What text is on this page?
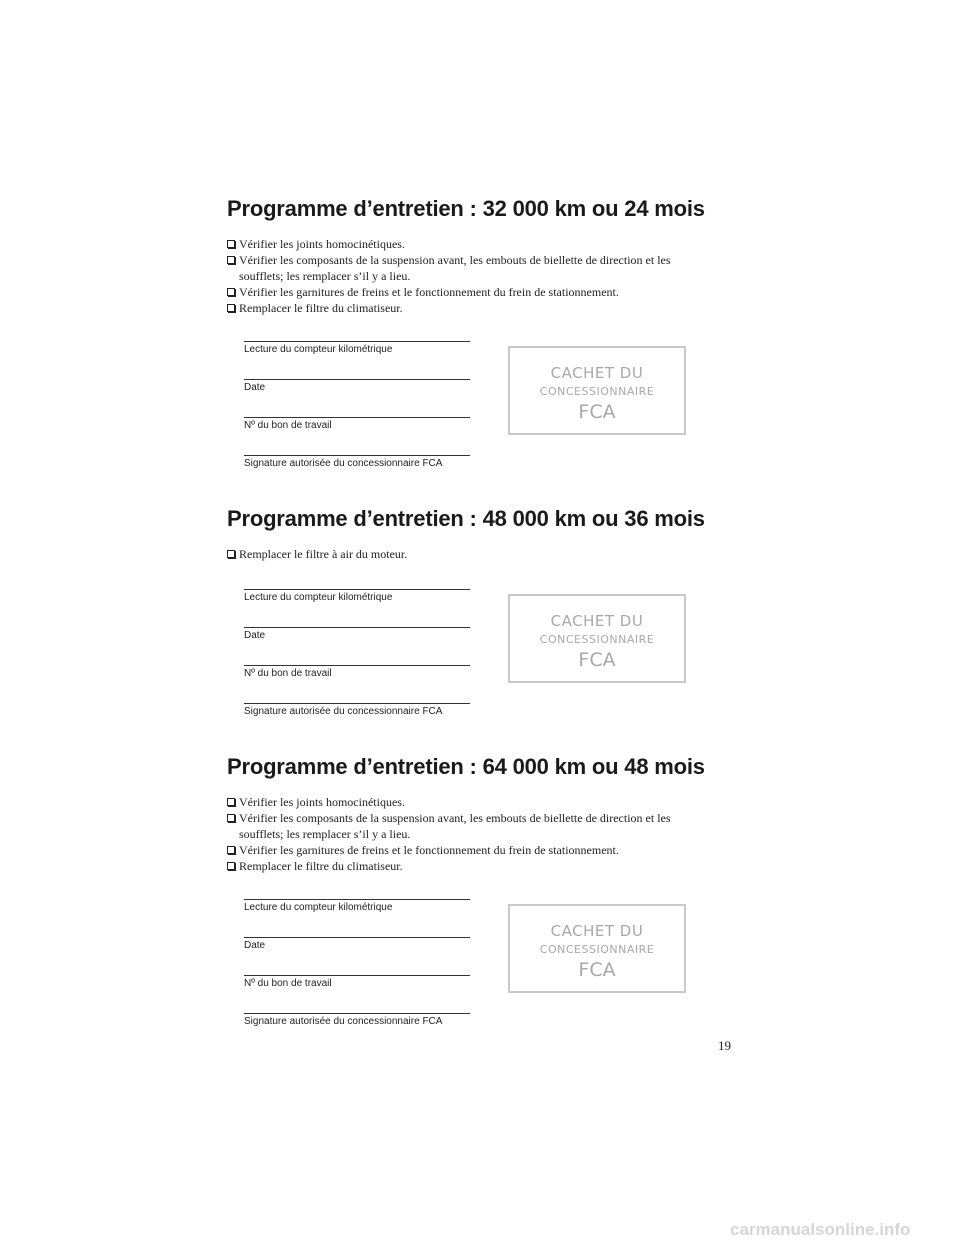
Programme d’entretien : 32 000 km ou 24 mois
Vérifier les joints homocinétiques.
Vérifier les composants de la suspension avant, les embouts de biellette de direction et les soufflets; les remplacer s’il y a lieu.
Vérifier les garnitures de freins et le fonctionnement du frein de stationnement.
Remplacer le filtre du climatiseur.
Lecture du compteur kilométrique
Date
Nº du bon de travail
Signature autorisée du concessionnaire FCA
CACHET DU
CONCESSIONNAIRE
FCA
Programme d’entretien : 48 000 km ou 36 mois
Remplacer le filtre à air du moteur.
Lecture du compteur kilométrique
Date
Nº du bon de travail
Signature autorisée du concessionnaire FCA
CACHET DU
CONCESSIONNAIRE
FCA
Programme d’entretien : 64 000 km ou 48 mois
Vérifier les joints homocinétiques.
Vérifier les composants de la suspension avant, les embouts de biellette de direction et les soufflets; les remplacer s’il y a lieu.
Vérifier les garnitures de freins et le fonctionnement du frein de stationnement.
Remplacer le filtre du climatiseur.
Lecture du compteur kilométrique
Date
Nº du bon de travail
Signature autorisée du concessionnaire FCA
CACHET DU
CONCESSIONNAIRE
FCA
19
carmanualsonline.info
